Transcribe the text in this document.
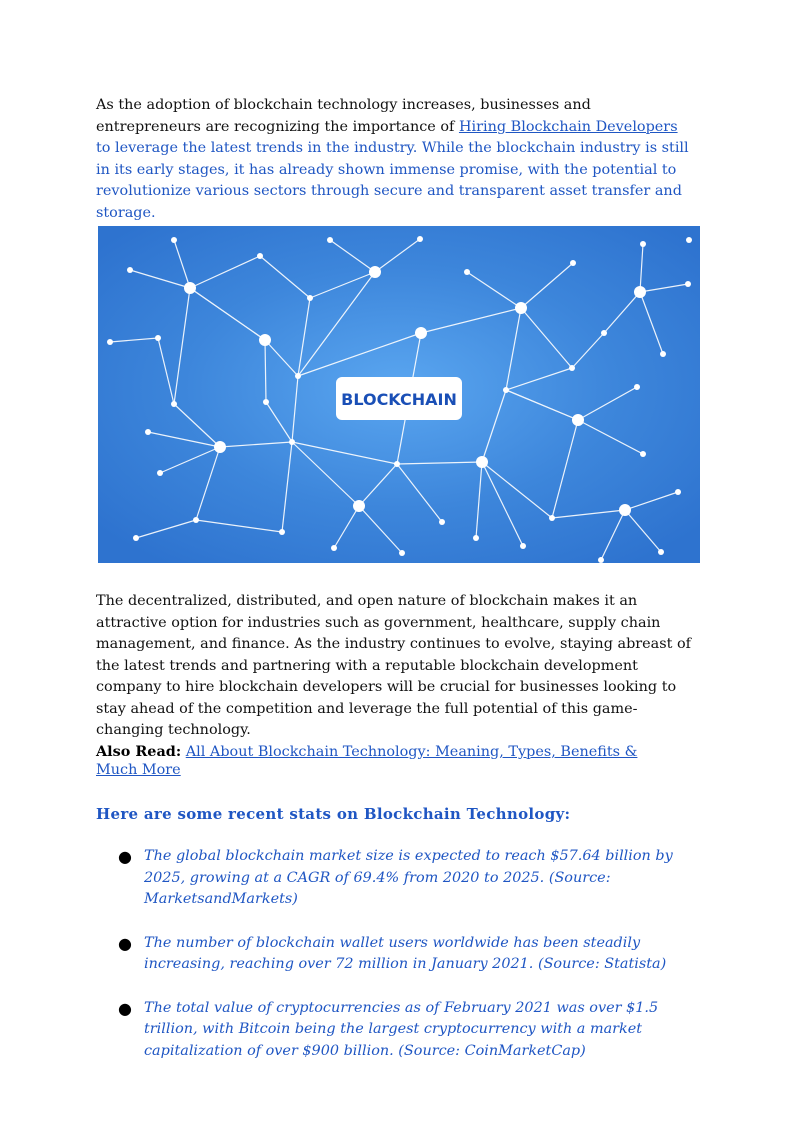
As the adoption of blockchain technology increases, businesses and entrepreneurs are recognizing the importance of Hiring Blockchain Developers to leverage the latest trends in the industry. While the blockchain industry is still in its early stages, it has already shown immense promise, with the potential to revolutionize various sectors through secure and transparent asset transfer and storage.

BLOCKCHAIN

The decentralized, distributed, and open nature of blockchain makes it an attractive option for industries such as government, healthcare, supply chain management, and finance. As the industry continues to evolve, staying abreast of the latest trends and partnering with a reputable blockchain development company to hire blockchain developers will be crucial for businesses looking to stay ahead of the competition and leverage the full potential of this game-changing technology.

Also Read: All About Blockchain Technology: Meaning, Types, Benefits &
Much More
Here are some recent stats on Blockchain Technology:
● The global blockchain market size is expected to reach $57.64 billion by 2025, growing at a CAGR of 69.4% from 2020 to 2025. (Source: MarketsandMarkets)
● The number of blockchain wallet users worldwide has been steadily increasing, reaching over 72 million in January 2021. (Source: Statista)
● The total value of cryptocurrencies as of February 2021 was over $1.5 trillion, with Bitcoin being the largest cryptocurrency with a market capitalization of over $900 billion. (Source: CoinMarketCap)
